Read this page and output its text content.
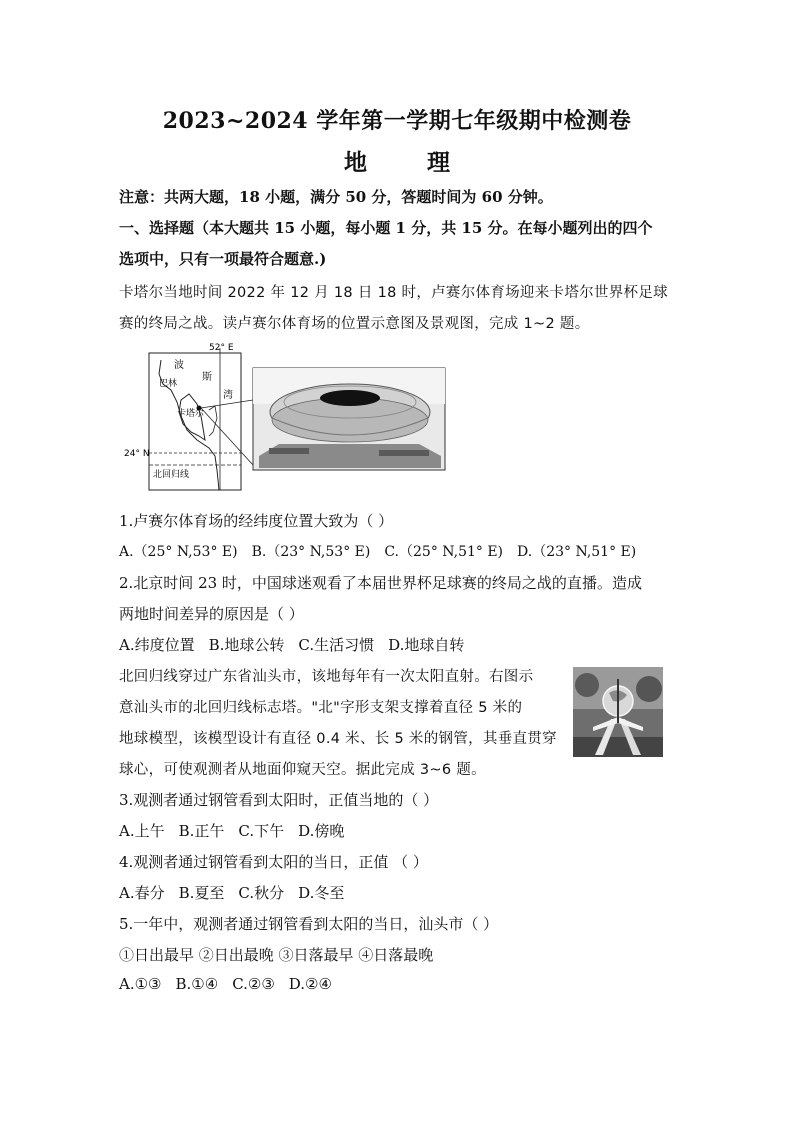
2023~2024 学年第一学期七年级期中检测卷
地 理
注意：共两大题，18 小题，满分 50 分，答题时间为 60 分钟。
一、选择题（本大题共 15 小题，每小题 1 分，共 15 分。在每小题列出的四个
选项中，只有一项最符合题意.)
卡塔尔当地时间 2022 年 12 月 18 日 18 时，卢赛尔体育场迎来卡塔尔世界杯足球
赛的终局之战。读卢赛尔体育场的位置示意图及景观图，完成 1~2 题。
52° E
24° N
北回归线
波
斯
湾
巴林
卡塔尔
1.卢赛尔体育场的经纬度位置大致为（ ）
A.（25° N,53° E) B.（23° N,53° E) C.（25° N,51° E) D.（23° N,51° E)
2.北京时间 23 时，中国球迷观看了本届世界杯足球赛的终局之战的直播。造成
两地时间差异的原因是（ ）
A.纬度位置 B.地球公转 C.生活习惯 D.地球自转
北回归线穿过广东省汕头市，该地每年有一次太阳直射。右图示
意汕头市的北回归线标志塔。"北"字形支架支撑着直径 5 米的
地球模型，该模型设计有直径 0.4 米、长 5 米的钢管，其垂直贯穿
球心，可使观测者从地面仰窥天空。据此完成 3~6 题。
3.观测者通过钢管看到太阳时，正值当地的（ ）
A.上午 B.正午 C.下午 D.傍晚
4.观测者通过钢管看到太阳的当日，正值 （ ）
A.春分 B.夏至 C.秋分 D.冬至
5.一年中，观测者通过钢管看到太阳的当日，汕头市（ ）
①日出最早 ②日出最晚 ③日落最早 ④日落最晚
A.①③ B.①④ C.②③ D.②④
